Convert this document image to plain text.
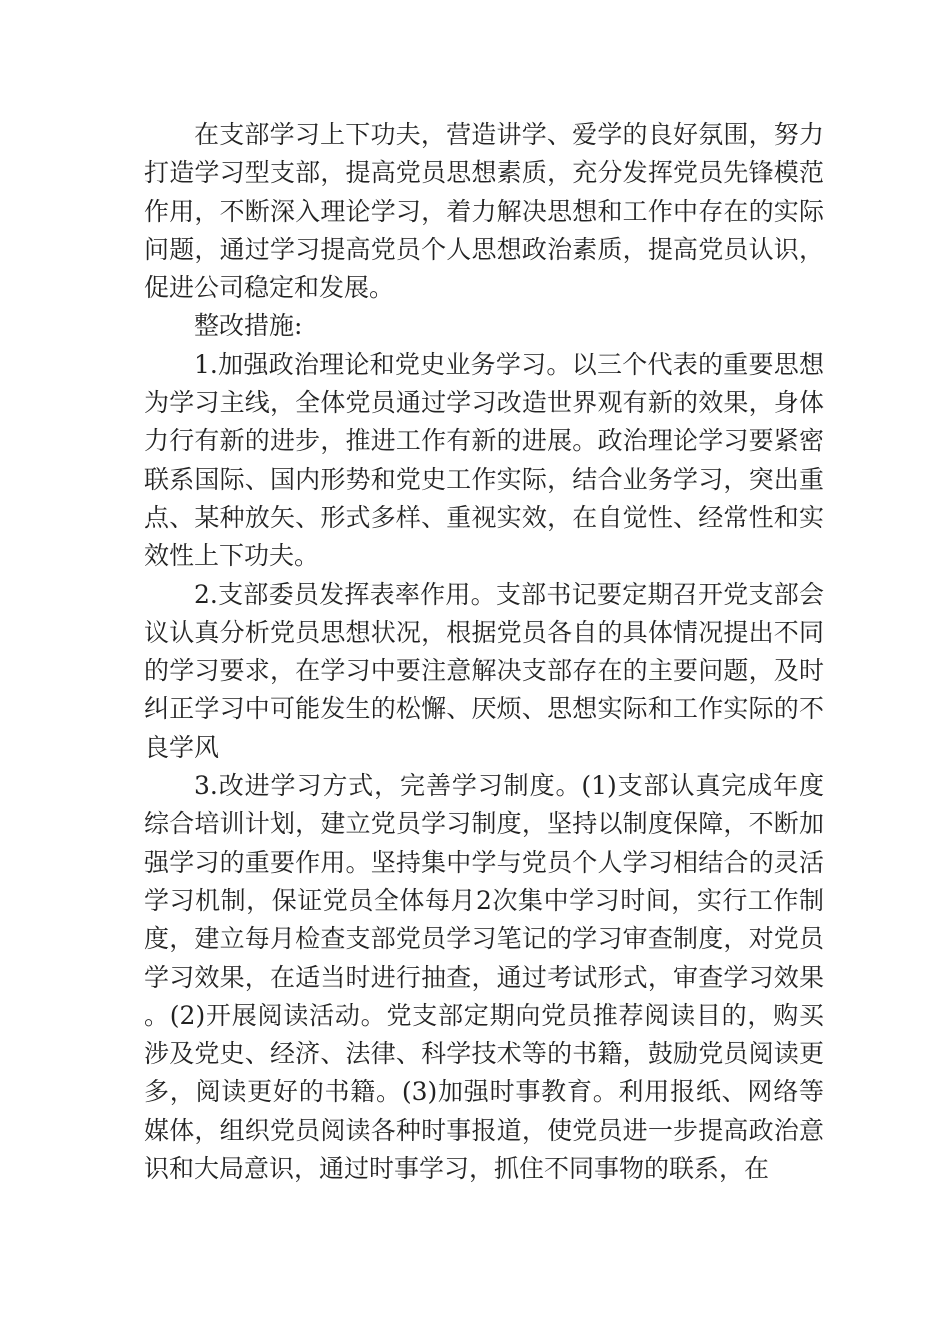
在支部学习上下功夫，营造讲学、爱学的良好氛围，努力打造学习型支部，提高党员思想素质，充分发挥党员先锋模范作用，不断深入理论学习，着力解决思想和工作中存在的实际问题，通过学习提高党员个人思想政治素质，提高党员认识，促进公司稳定和发展。

整改措施:

1.加强政治理论和党史业务学习。以三个代表的重要思想为学习主线，全体党员通过学习改造世界观有新的效果，身体力行有新的进步，推进工作有新的进展。政治理论学习要紧密联系国际、国内形势和党史工作实际，结合业务学习，突出重点、某种放矢、形式多样、重视实效，在自觉性、经常性和实效性上下功夫。

2.支部委员发挥表率作用。支部书记要定期召开党支部会议认真分析党员思想状况，根据党员各自的具体情况提出不同的学习要求，在学习中要注意解决支部存在的主要问题，及时纠正学习中可能发生的松懈、厌烦、思想实际和工作实际的不良学风

3.改进学习方式，完善学习制度。(1)支部认真完成年度综合培训计划，建立党员学习制度，坚持以制度保障，不断加强学习的重要作用。坚持集中学与党员个人学习相结合的灵活学习机制，保证党员全体每月2次集中学习时间，实行工作制度，建立每月检查支部党员学习笔记的学习审查制度，对党员学习效果，在适当时进行抽查，通过考试形式，审查学习效果。(2)开展阅读活动。党支部定期向党员推荐阅读目的，购买涉及党史、经济、法律、科学技术等的书籍，鼓励党员阅读更多，阅读更好的书籍。(3)加强时事教育。利用报纸、网络等媒体，组织党员阅读各种时事报道，使党员进一步提高政治意识和大局意识，通过时事学习，抓住不同事物的联系，在
